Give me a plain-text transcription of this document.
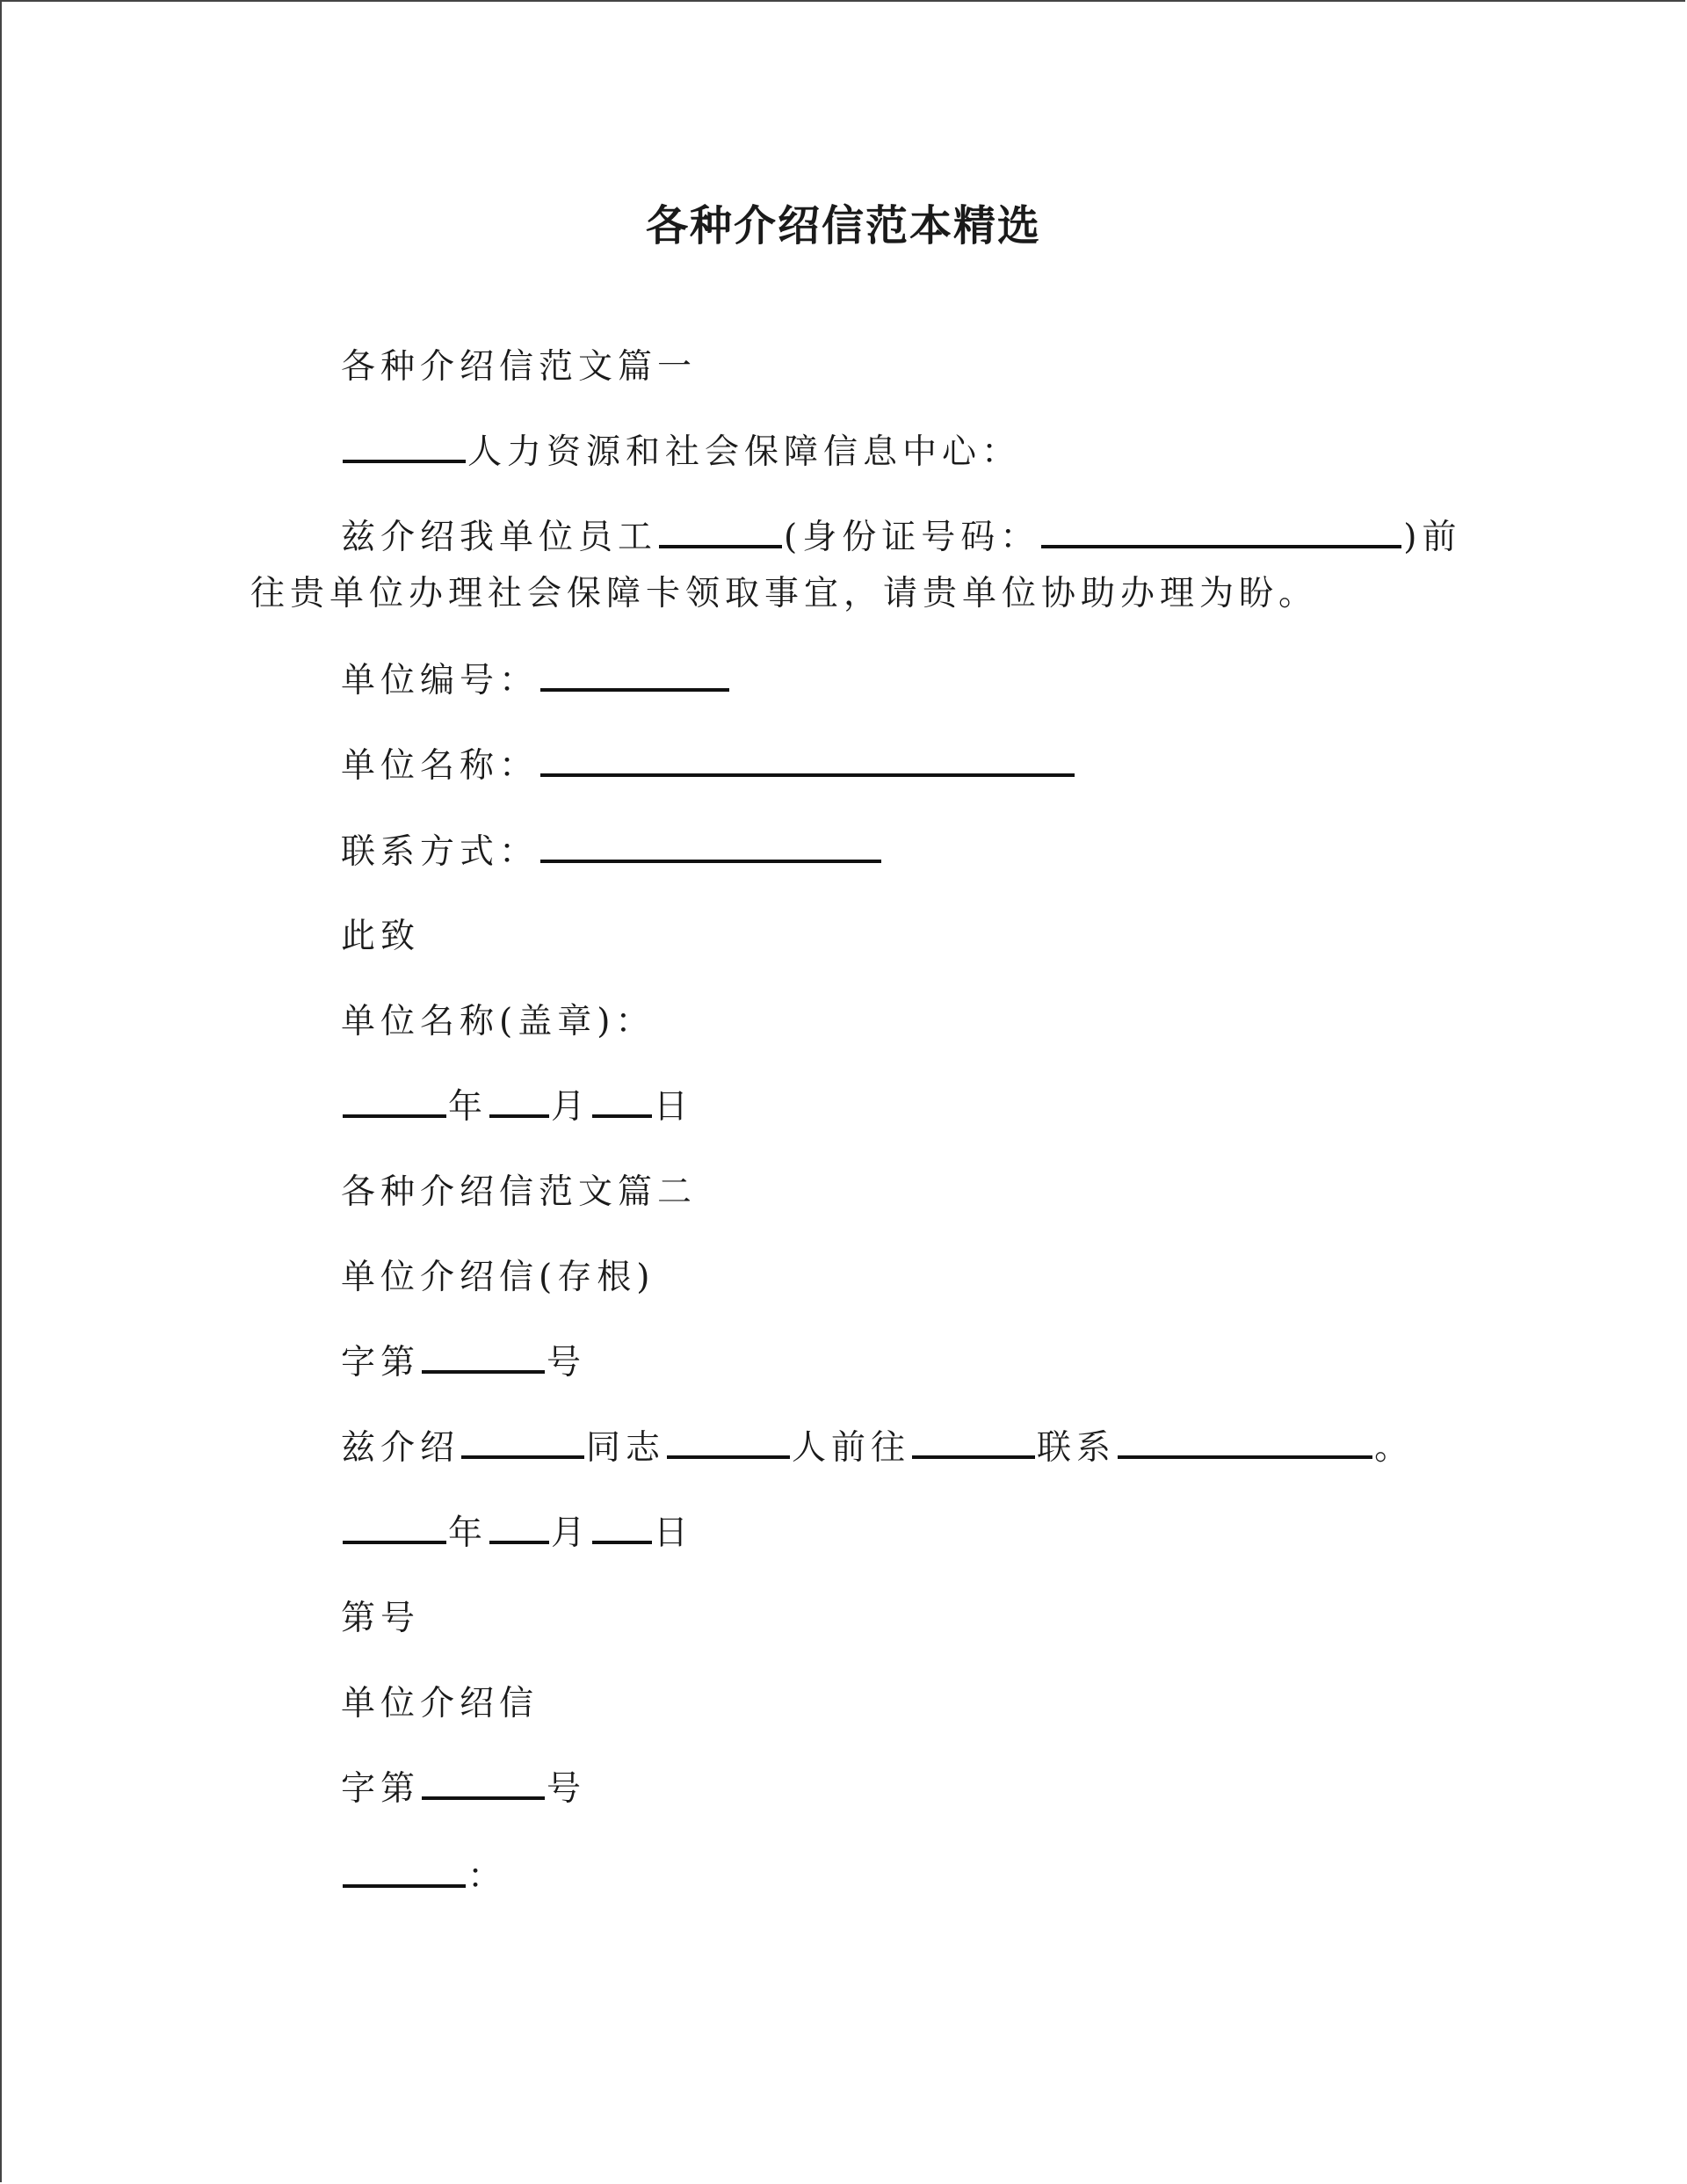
各种介绍信范本精选
各种介绍信范文篇一
人力资源和社会保障信息中心：
兹介绍我单位员工	(身份证号码：	)前
往贵单位办理社会保障卡领取事宜，请贵单位协助办理为盼。
单位编号：
单位名称：
联系方式：
此致
单位名称(盖章)：
年 月 日
各种介绍信范文篇二
单位介绍信(存根)
字第	号
兹介绍	同志	人前往	联系	。
年 月 日
第号
单位介绍信
字第	号
：
